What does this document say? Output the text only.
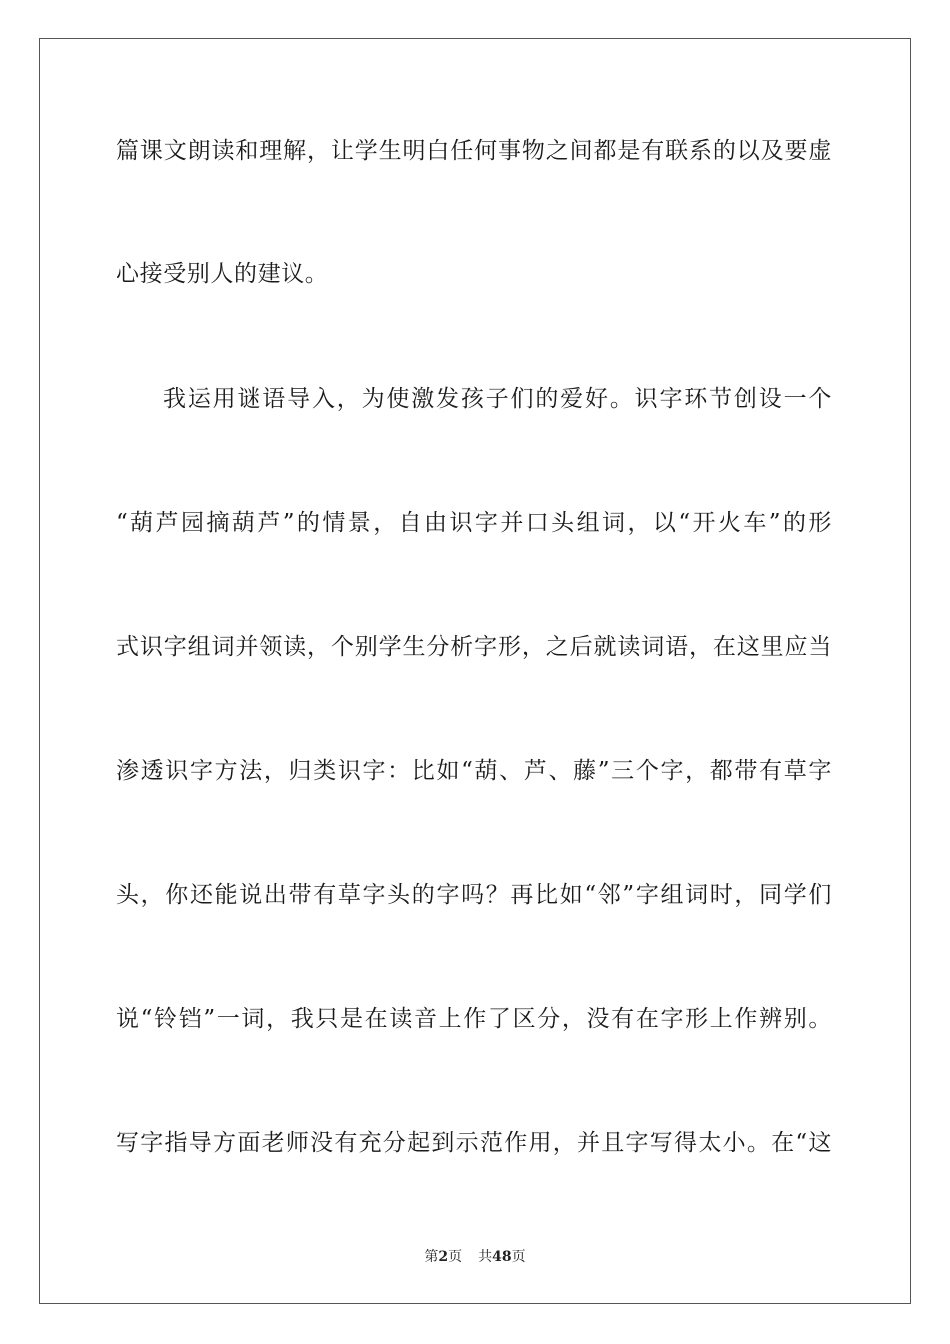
篇课文朗读和理解，让学生明白任何事物之间都是有联系的以及要虚
心接受别人的建议。
我运用谜语导入，为使激发孩子们的爱好。识字环节创设一个
“葫芦园摘葫芦”的情景，自由识字并口头组词，以“开火车”的形
式识字组词并领读，个别学生分析字形，之后就读词语，在这里应当
渗透识字方法，归类识字：比如“葫、芦、藤”三个字，都带有草字
头，你还能说出带有草字头的字吗？再比如“邻”字组词时，同学们
说“铃铛”一词，我只是在读音上作了区分，没有在字形上作辨别。
写字指导方面老师没有充分起到示范作用，并且字写得太小。在“这
第2页 共48页
